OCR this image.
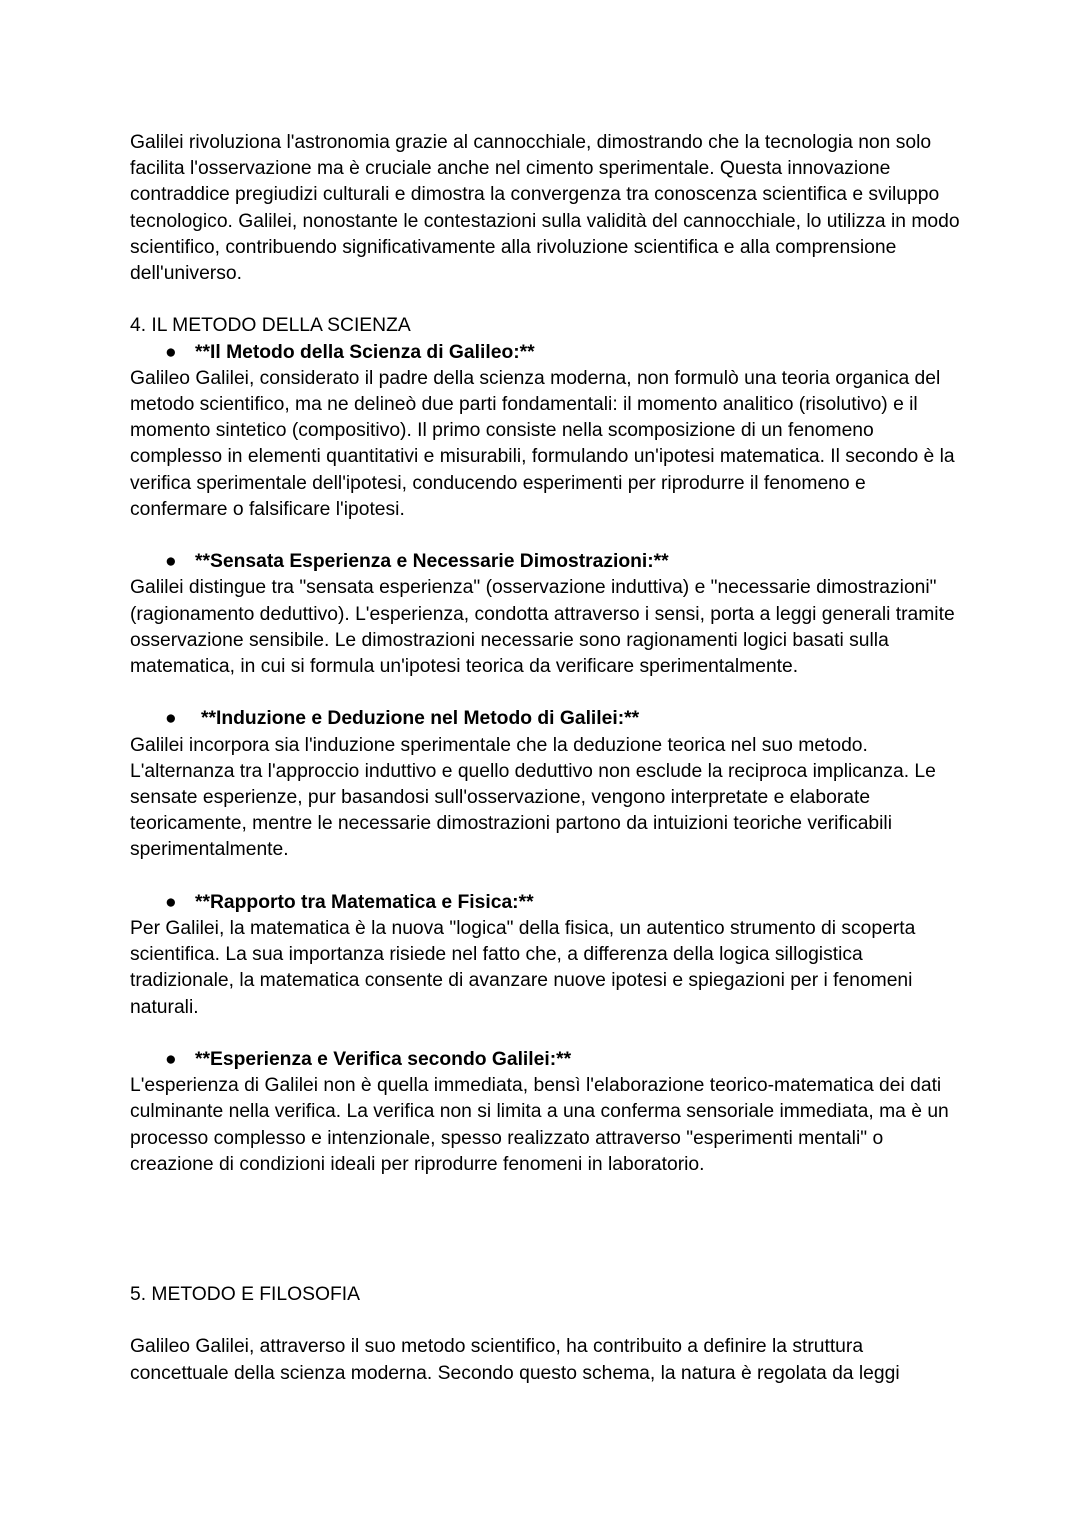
Galilei rivoluziona l'astronomia grazie al cannocchiale, dimostrando che la tecnologia non solo facilita l'osservazione ma è cruciale anche nel cimento sperimentale. Questa innovazione contraddice pregiudizi culturali e dimostra la convergenza tra conoscenza scientifica e sviluppo tecnologico. Galilei, nonostante le contestazioni sulla validità del cannocchiale, lo utilizza in modo scientifico, contribuendo significativamente alla rivoluzione scientifica e alla comprensione dell'universo.

4. IL METODO DELLA SCIENZA

● **Il Metodo della Scienza di Galileo:**

Galileo Galilei, considerato il padre della scienza moderna, non formulò una teoria organica del metodo scientifico, ma ne delineò due parti fondamentali: il momento analitico (risolutivo) e il momento sintetico (compositivo). Il primo consiste nella scomposizione di un fenomeno complesso in elementi quantitativi e misurabili, formulando un'ipotesi matematica. Il secondo è la verifica sperimentale dell'ipotesi, conducendo esperimenti per riprodurre il fenomeno e confermare o falsificare l'ipotesi.

● **Sensata Esperienza e Necessarie Dimostrazioni:**

Galilei distingue tra "sensata esperienza" (osservazione induttiva) e "necessarie dimostrazioni" (ragionamento deduttivo). L'esperienza, condotta attraverso i sensi, porta a leggi generali tramite osservazione sensibile. Le dimostrazioni necessarie sono ragionamenti logici basati sulla matematica, in cui si formula un'ipotesi teorica da verificare sperimentalmente.

● **Induzione e Deduzione nel Metodo di Galilei:**

Galilei incorpora sia l'induzione sperimentale che la deduzione teorica nel suo metodo. L'alternanza tra l'approccio induttivo e quello deduttivo non esclude la reciproca implicanza. Le sensate esperienze, pur basandosi sull'osservazione, vengono interpretate e elaborate teoricamente, mentre le necessarie dimostrazioni partono da intuizioni teoriche verificabili sperimentalmente.

● **Rapporto tra Matematica e Fisica:**

Per Galilei, la matematica è la nuova "logica" della fisica, un autentico strumento di scoperta scientifica. La sua importanza risiede nel fatto che, a differenza della logica sillogistica tradizionale, la matematica consente di avanzare nuove ipotesi e spiegazioni per i fenomeni naturali.

● **Esperienza e Verifica secondo Galilei:**

L'esperienza di Galilei non è quella immediata, bensì l'elaborazione teorico-matematica dei dati culminante nella verifica. La verifica non si limita a una conferma sensoriale immediata, ma è un processo complesso e intenzionale, spesso realizzato attraverso "esperimenti mentali" o creazione di condizioni ideali per riprodurre fenomeni in laboratorio.

5. METODO E FILOSOFIA

Galileo Galilei, attraverso il suo metodo scientifico, ha contribuito a definire la struttura concettuale della scienza moderna. Secondo questo schema, la natura è regolata da leggi
